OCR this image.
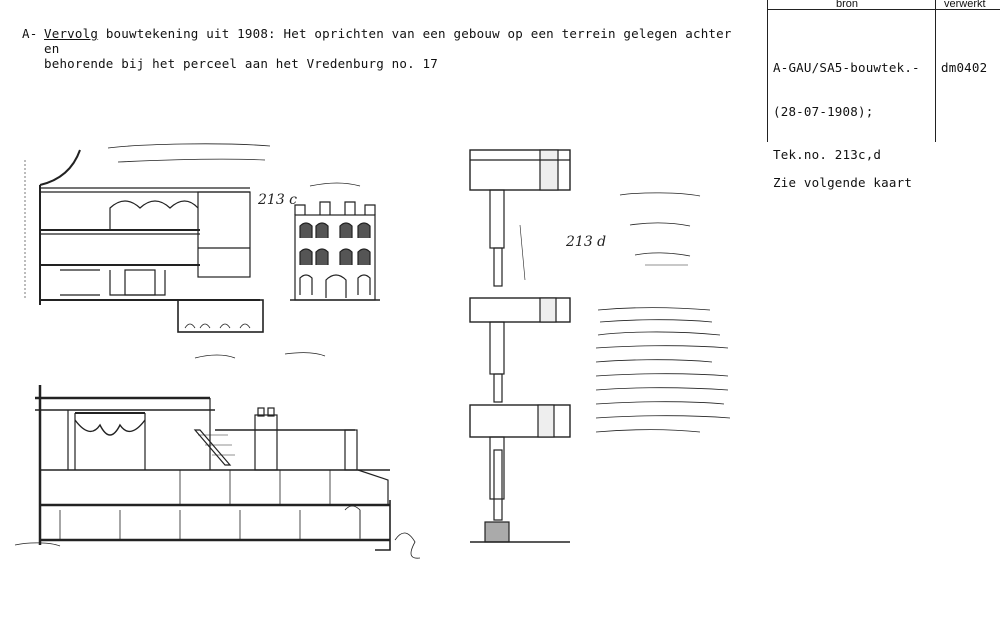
bron	verwerkt
A- Vervolg bouwtekening uit 1908: Het oprichten van een gebouw op een terrein gelegen achter en
behorende bij het perceel aan het Vredenburg no. 17

	A-GAU/SA5-bouwtek.-

(28-07-1908);

Tek.no. 213c,d

dm0402
Zie volgende kaart
213 c
213 d
